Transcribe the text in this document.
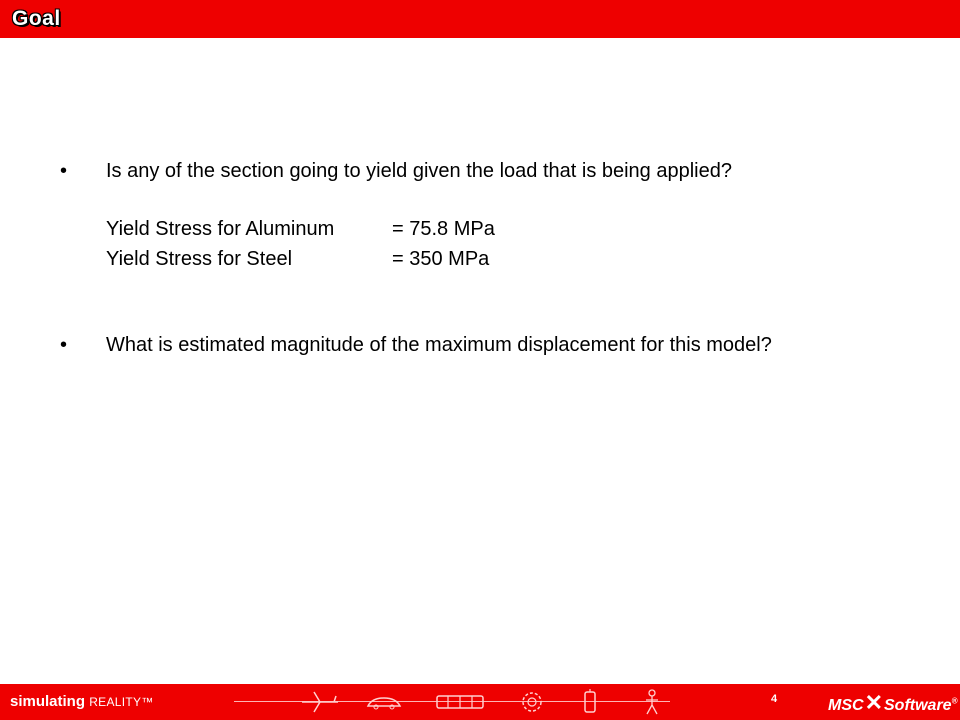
Goal
• Is any of the section going to yield given the load that is being applied?
Yield Stress for Aluminum	= 75.8 MPa
Yield Stress for Steel	= 350 MPa
• What is estimated magnitude of the maximum displacement for this model?
simulating REALITY™	4	MSC✕Software®
